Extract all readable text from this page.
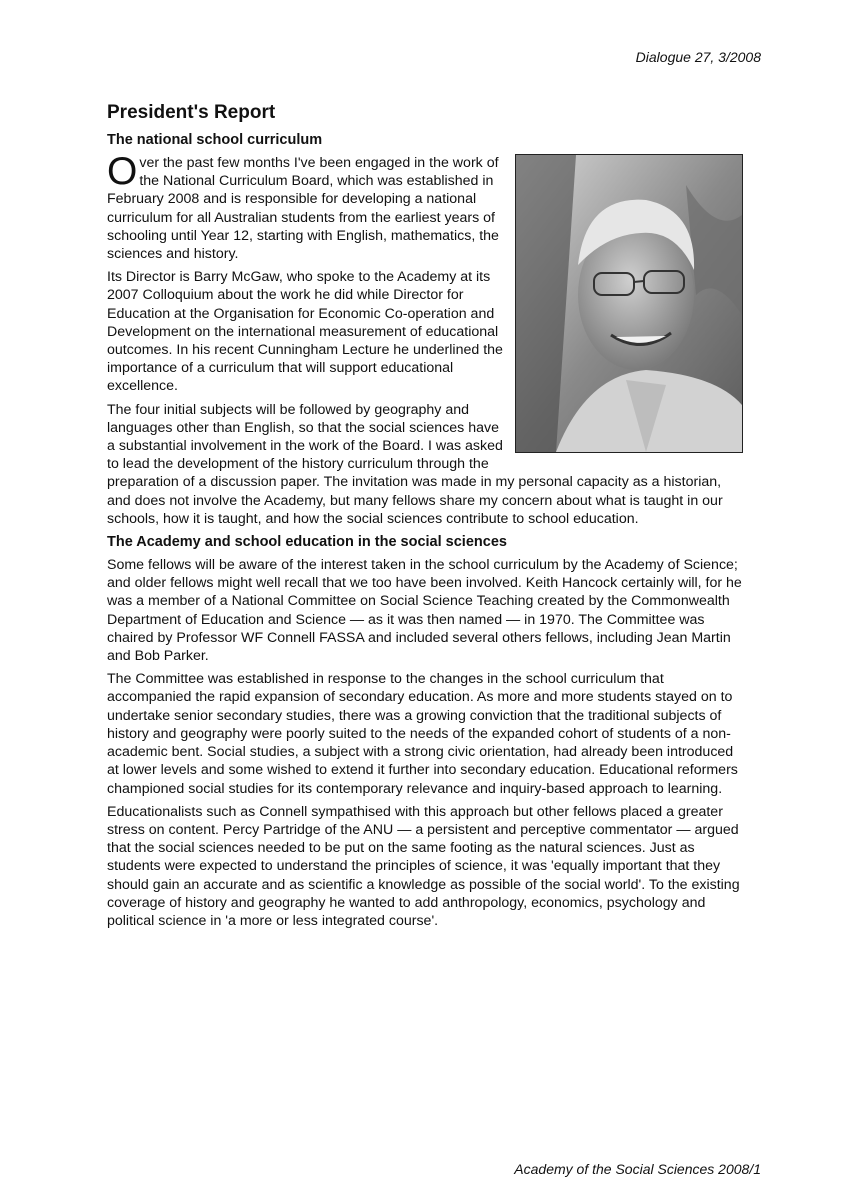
Dialogue 27, 3/2008
President's Report
The national school curriculum

Over the past few months I've been engaged in the work of the National Curriculum Board, which was established in February 2008 and is responsible for developing a national curriculum for all Australian students from the earliest years of schooling until Year 12, starting with English, mathematics, the sciences and history.

Its Director is Barry McGaw, who spoke to the Academy at its 2007 Colloquium about the work he did while Director for Education at the Organisation for Economic Co-operation and Development on the international measurement of educational outcomes. In his recent Cunningham Lecture he underlined the importance of a curriculum that will support educational excellence.

The four initial subjects will be followed by geography and languages other than English, so that the social sciences have a substantial involvement in the work of the Board. I was asked to lead the development of the history curriculum through the preparation of a discussion paper. The invitation was made in my personal capacity as a historian, and does not involve the Academy, but many fellows share my concern about what is taught in our schools, how it is taught, and how the social sciences contribute to school education.

The Academy and school education in the social sciences

Some fellows will be aware of the interest taken in the school curriculum by the Academy of Science; and older fellows might well recall that we too have been involved. Keith Hancock certainly will, for he was a member of a National Committee on Social Science Teaching created by the Commonwealth Department of Education and Science — as it was then named — in 1970. The Committee was chaired by Professor WF Connell FASSA and included several others fellows, including Jean Martin and Bob Parker.

The Committee was established in response to the changes in the school curriculum that accompanied the rapid expansion of secondary education. As more and more students stayed on to undertake senior secondary studies, there was a growing conviction that the traditional subjects of history and geography were poorly suited to the needs of the expanded cohort of students of a non-academic bent. Social studies, a subject with a strong civic orientation, had already been introduced at lower levels and some wished to extend it further into secondary education. Educational reformers championed social studies for its contemporary relevance and inquiry-based approach to learning.

Educationalists such as Connell sympathised with this approach but other fellows placed a greater stress on content. Percy Partridge of the ANU — a persistent and perceptive commentator — argued that the social sciences needed to be put on the same footing as the natural sciences. Just as students were expected to understand the principles of science, it was 'equally important that they should gain an accurate and as scientific a knowledge as possible of the social world'. To the existing coverage of history and geography he wanted to add anthropology, economics, psychology and political science in 'a more or less integrated course'.

Academy of the Social Sciences 2008/1
